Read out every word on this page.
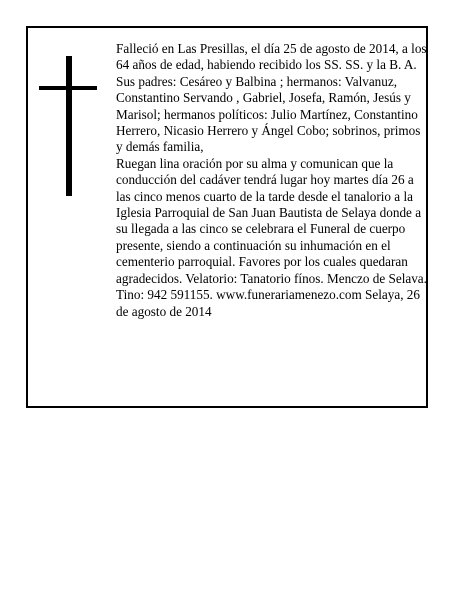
Falleció en Las Presillas, el día 25 de agosto de 2014, a los 64 años de edad, habiendo recibido los SS. SS. y la B. A.

Sus padres: Cesáreo y Balbina ; hermanos: Valvanuz, Constantino Servando , Gabriel, Josefa, Ramón, Jesús y Marisol; hermanos políticos: Julio Martínez, Constantino Herrero, Nicasio Herrero y Ángel Cobo; sobrinos, primos y demás familia,

Ruegan lina oración por su alma y comunican que la conducción del cadáver tendrá lugar hoy martes día 26 a las cinco menos cuarto de la tarde desde el tanalorio a la Iglesia Parroquial de San Juan Bautista de Selaya donde a su llegada a las cinco se celebrara el Funeral de cuerpo presente, siendo a continuación su inhumación en el cementerio parroquial. Favores por los cuales quedaran agradecidos. Velatorio: Tanatorio fínos. Menczo de Selava. Tino: 942 591155. www.funerariamenezo.com Selaya, 26 de agosto de 2014
